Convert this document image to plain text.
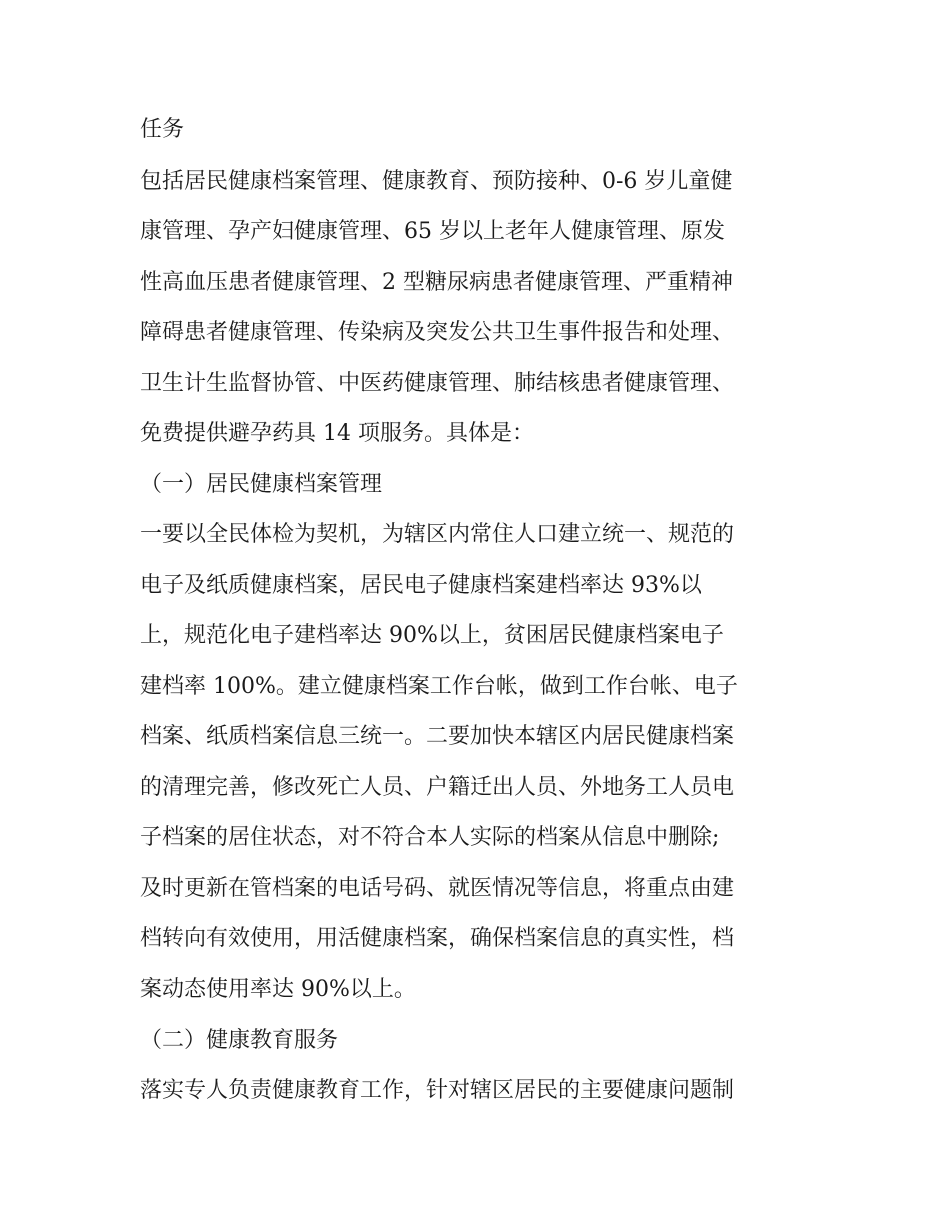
任务
包括居民健康档案管理、健康教育、预防接种、0-6 岁儿童健
康管理、孕产妇健康管理、65 岁以上老年人健康管理、原发
性高血压患者健康管理、2 型糖尿病患者健康管理、严重精神
障碍患者健康管理、传染病及突发公共卫生事件报告和处理、
卫生计生监督协管、中医药健康管理、肺结核患者健康管理、
免费提供避孕药具 14 项服务。具体是：
（一）居民健康档案管理
一要以全民体检为契机，为辖区内常住人口建立统一、规范的
电子及纸质健康档案，居民电子健康档案建档率达 93%以
上，规范化电子建档率达 90%以上，贫困居民健康档案电子
建档率 100%。建立健康档案工作台帐，做到工作台帐、电子
档案、纸质档案信息三统一。二要加快本辖区内居民健康档案
的清理完善，修改死亡人员、户籍迁出人员、外地务工人员电
子档案的居住状态，对不符合本人实际的档案从信息中删除;
及时更新在管档案的电话号码、就医情况等信息，将重点由建
档转向有效使用，用活健康档案，确保档案信息的真实性，档
案动态使用率达 90%以上。
（二）健康教育服务
落实专人负责健康教育工作，针对辖区居民的主要健康问题制
